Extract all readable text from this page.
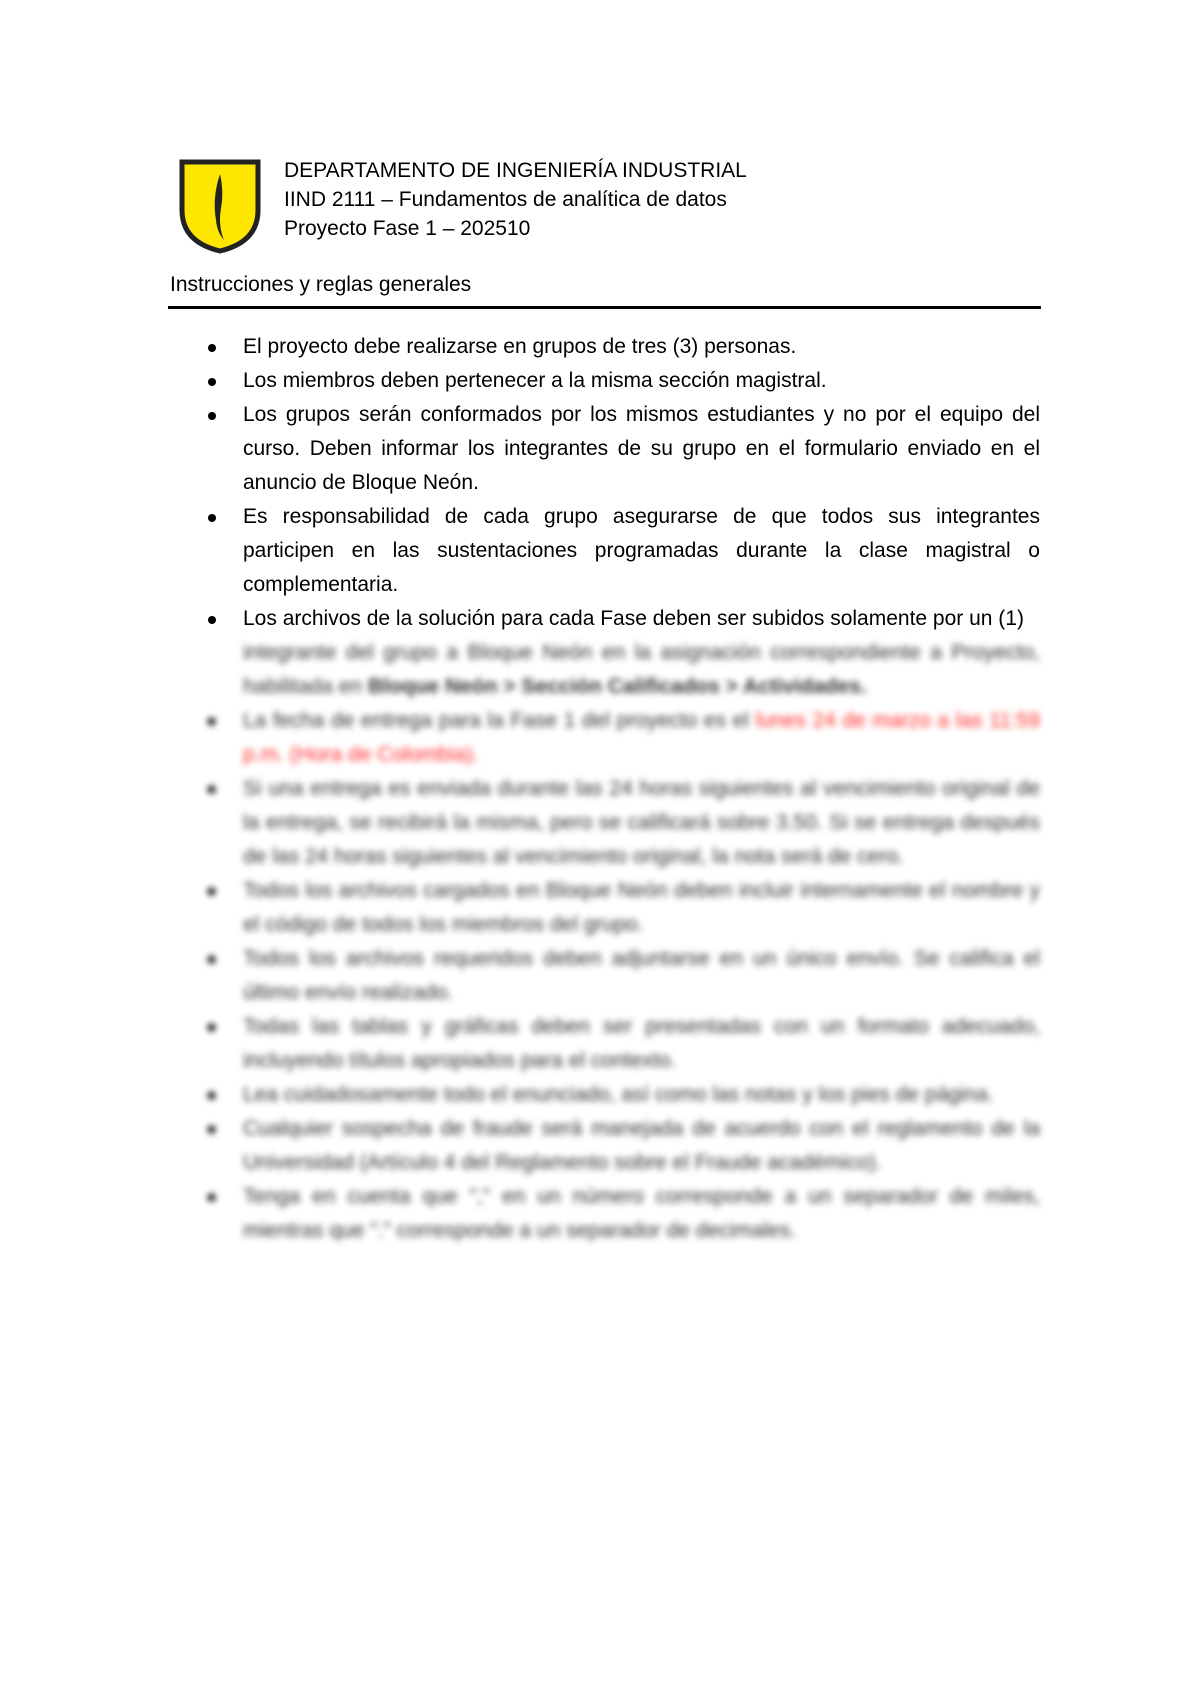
DEPARTAMENTO DE INGENIERÍA INDUSTRIAL
IIND 2111 – Fundamentos de analítica de datos
Proyecto Fase 1 – 202510
Instrucciones y reglas generales
El proyecto debe realizarse en grupos de tres (3) personas.
Los miembros deben pertenecer a la misma sección magistral.
Los grupos serán conformados por los mismos estudiantes y no por el equipo del curso. Deben informar los integrantes de su grupo en el formulario enviado en el anuncio de Bloque Neón.
Es responsabilidad de cada grupo asegurarse de que todos sus integrantes participen en las sustentaciones programadas durante la clase magistral o complementaria.
Los archivos de la solución para cada Fase deben ser subidos solamente por un (1)
integrante del grupo a Bloque Neón en la asignación correspondiente a Proyecto, habilitada en Bloque Neón > Sección Calificados > Actividades.
La fecha de entrega para la Fase 1 del proyecto es el lunes 24 de marzo a las 11:59 p.m. (Hora de Colombia).
Si una entrega es enviada durante las 24 horas siguientes al vencimiento original de la entrega, se recibirá la misma, pero se calificará sobre 3.50. Si se entrega después de las 24 horas siguientes al vencimiento original, la nota será de cero.
Todos los archivos cargados en Bloque Neón deben incluir internamente el nombre y el código de todos los miembros del grupo.
Todos los archivos requeridos deben adjuntarse en un único envío. Se califica el último envío realizado.
Todas las tablas y gráficas deben ser presentadas con un formato adecuado, incluyendo títulos apropiados para el contexto.
Lea cuidadosamente todo el enunciado, así como las notas y los pies de página.
Cualquier sospecha de fraude será manejada de acuerdo con el reglamento de la Universidad (Artículo 4 del Reglamento sobre el Fraude académico).
Tenga en cuenta que "," en un número corresponde a un separador de miles, mientras que "." corresponde a un separador de decimales.
